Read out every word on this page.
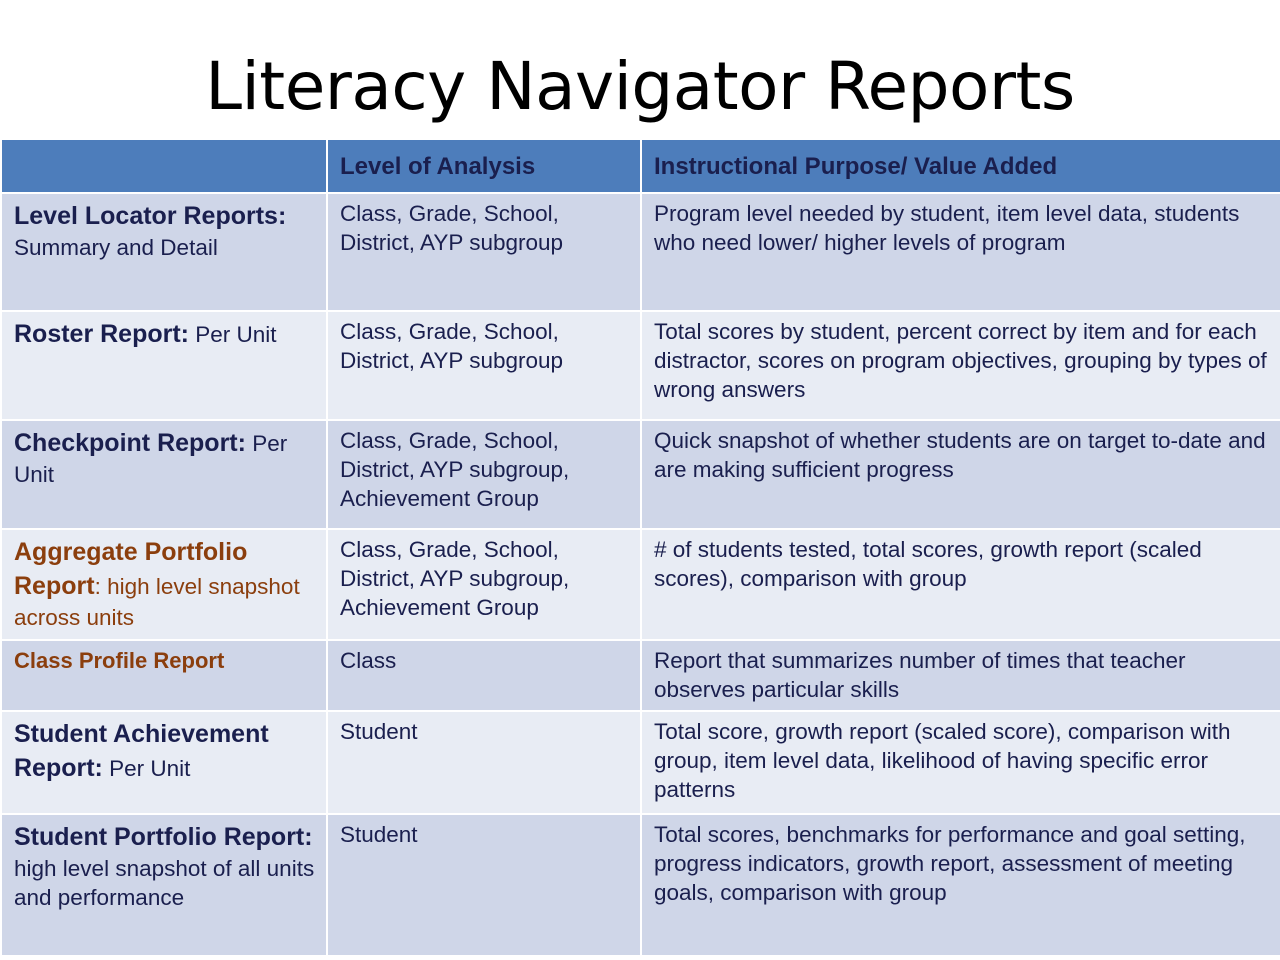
Literacy Navigator Reports
	Level of Analysis	Instructional Purpose/ Value Added
Level Locator Reports: Summary and Detail	Class, Grade, School, District, AYP subgroup	Program level needed by student, item level data, students who need lower/ higher levels of program
Roster Report: Per Unit	Class, Grade, School, District, AYP subgroup	Total scores by student, percent correct by item and for each distractor, scores on program objectives, grouping by types of wrong answers
Checkpoint Report: Per Unit	Class, Grade, School, District, AYP subgroup, Achievement Group	Quick snapshot of whether students are on target to-date and are making sufficient progress
Aggregate Portfolio Report: high level snapshot across units	Class, Grade, School, District, AYP subgroup, Achievement Group	# of students tested, total scores, growth report (scaled scores), comparison with group
Class Profile Report	Class	Report that summarizes number of times that teacher observes particular skills
Student Achievement Report: Per Unit	Student	Total score, growth report (scaled score), comparison with group, item level data, likelihood of having specific error patterns
Student Portfolio Report: high level snapshot of all units and performance	Student	Total scores, benchmarks for performance and goal setting, progress indicators, growth report, assessment of meeting goals, comparison with group
